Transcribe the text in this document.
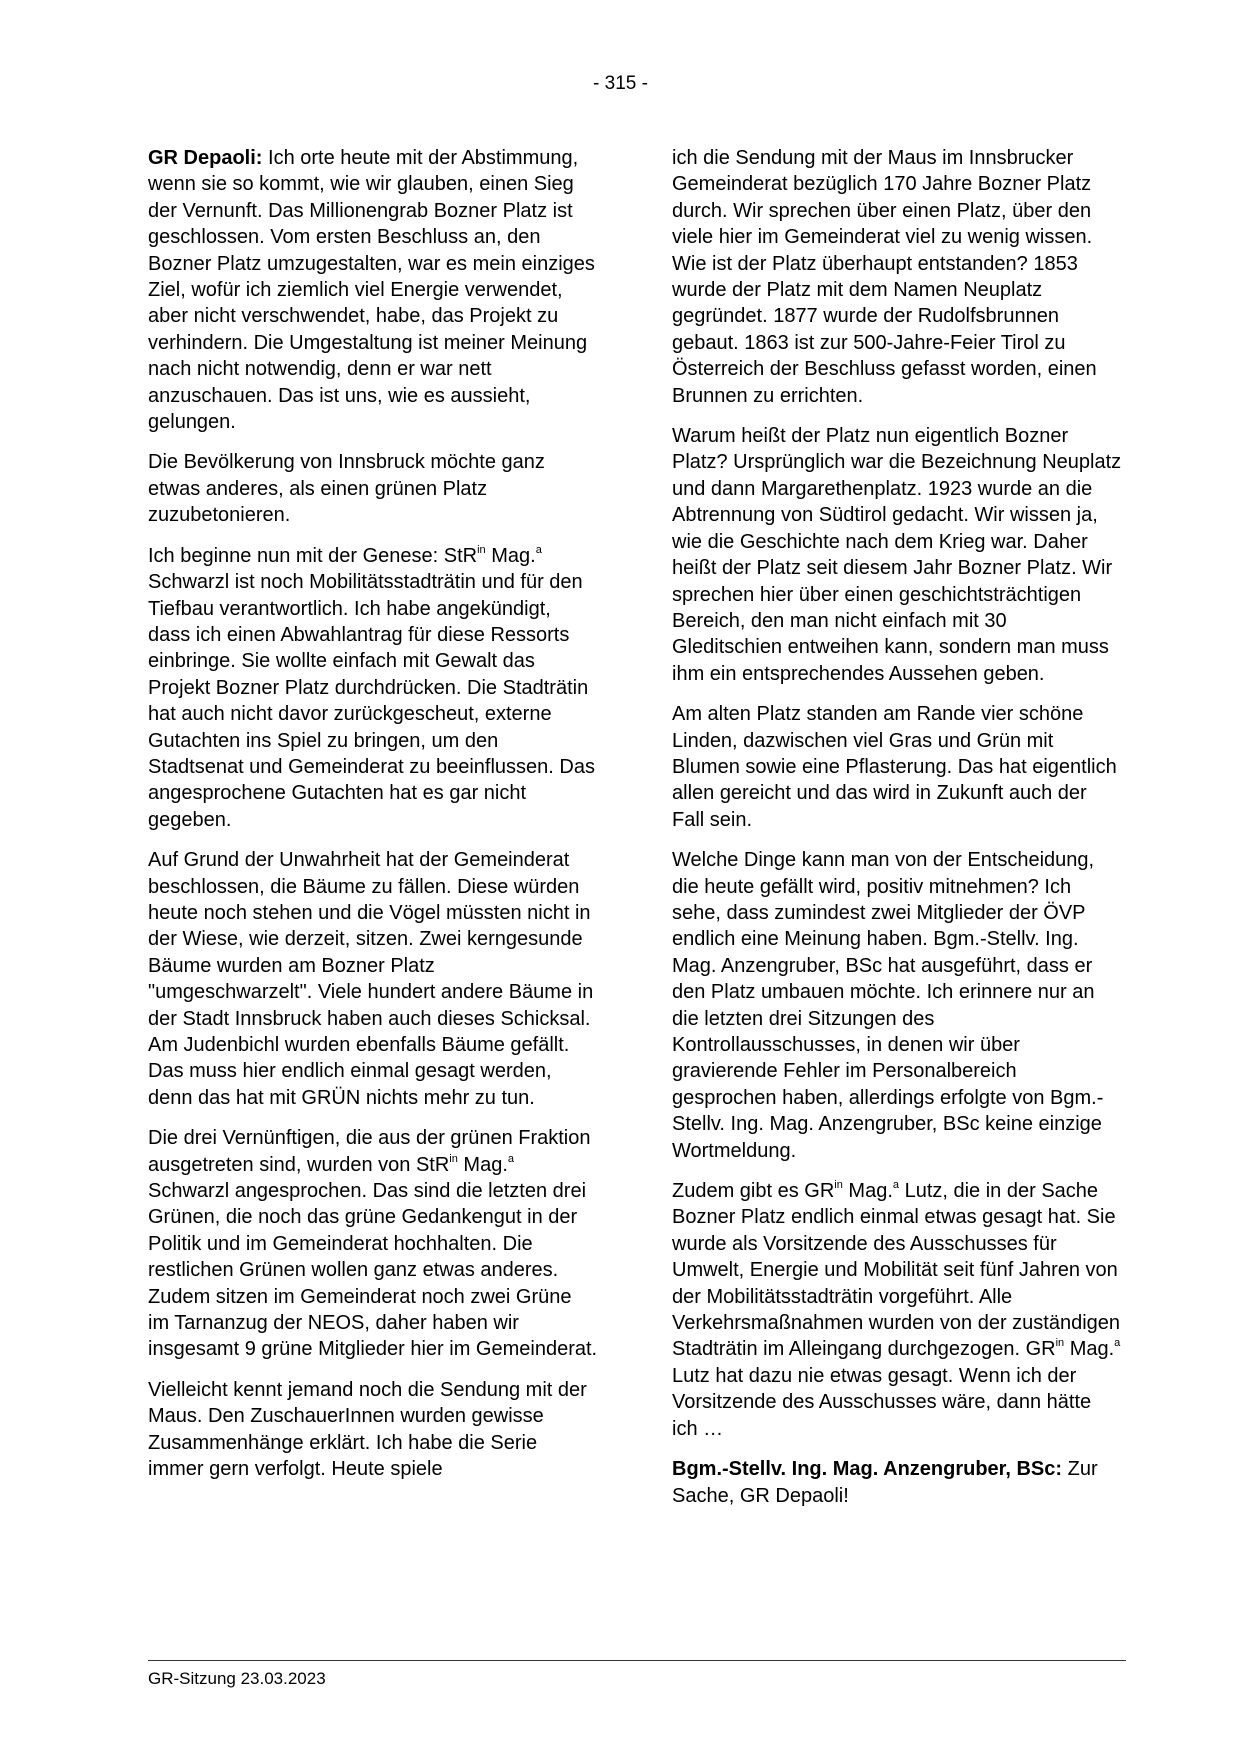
- 315 -

GR Depaoli: Ich orte heute mit der Abstimmung, wenn sie so kommt, wie wir glauben, einen Sieg der Vernunft. Das Millionengrab Bozner Platz ist geschlossen. Vom ersten Beschluss an, den Bozner Platz umzugestalten, war es mein einziges Ziel, wofür ich ziemlich viel Energie verwendet, aber nicht verschwendet, habe, das Projekt zu verhindern. Die Umgestaltung ist meiner Meinung nach nicht notwendig, denn er war nett anzuschauen. Das ist uns, wie es aussieht, gelungen.

Die Bevölkerung von Innsbruck möchte ganz etwas anderes, als einen grünen Platz zuzubetonieren.

Ich beginne nun mit der Genese: StR$^{in}$ Mag.$^a$ Schwarzl ist noch Mobilitätsstadträtin und für den Tiefbau verantwortlich. Ich habe angekündigt, dass ich einen Abwahlantrag für diese Ressorts einbringe. Sie wollte einfach mit Gewalt das Projekt Bozner Platz durchdrücken. Die Stadträtin hat auch nicht davor zurückgescheut, externe Gutachten ins Spiel zu bringen, um den Stadtsenat und Gemeinderat zu beeinflussen. Das angesprochene Gutachten hat es gar nicht gegeben.

Auf Grund der Unwahrheit hat der Gemeinderat beschlossen, die Bäume zu fällen. Diese würden heute noch stehen und die Vögel müssten nicht in der Wiese, wie derzeit, sitzen. Zwei kerngesunde Bäume wurden am Bozner Platz "umgeschwarzelt". Viele hundert andere Bäume in der Stadt Innsbruck haben auch dieses Schicksal. Am Judenbichl wurden ebenfalls Bäume gefällt. Das muss hier endlich einmal gesagt werden, denn das hat mit GRÜN nichts mehr zu tun.

Die drei Vernünftigen, die aus der grünen Fraktion ausgetreten sind, wurden von StR$^{in}$ Mag.$^a$ Schwarzl angesprochen. Das sind die letzten drei Grünen, die noch das grüne Gedankengut in der Politik und im Gemeinderat hochhalten. Die restlichen Grünen wollen ganz etwas anderes. Zudem sitzen im Gemeinderat noch zwei Grüne im Tarnanzug der NEOS, daher haben wir insgesamt 9 grüne Mitglieder hier im Gemeinderat.

Vielleicht kennt jemand noch die Sendung mit der Maus. Den ZuschauerInnen wurden gewisse Zusammenhänge erklärt. Ich habe die Serie immer gern verfolgt. Heute spiele

ich die Sendung mit der Maus im Innsbrucker Gemeinderat bezüglich 170 Jahre Bozner Platz durch. Wir sprechen über einen Platz, über den viele hier im Gemeinderat viel zu wenig wissen. Wie ist der Platz überhaupt entstanden? 1853 wurde der Platz mit dem Namen Neuplatz gegründet. 1877 wurde der Rudolfsbrunnen gebaut. 1863 ist zur 500-Jahre-Feier Tirol zu Österreich der Beschluss gefasst worden, einen Brunnen zu errichten.

Warum heißt der Platz nun eigentlich Bozner Platz? Ursprünglich war die Bezeichnung Neuplatz und dann Margarethenplatz. 1923 wurde an die Abtrennung von Südtirol gedacht. Wir wissen ja, wie die Geschichte nach dem Krieg war. Daher heißt der Platz seit diesem Jahr Bozner Platz. Wir sprechen hier über einen geschichtsträchtigen Bereich, den man nicht einfach mit 30 Gleditschien entweihen kann, sondern man muss ihm ein entsprechendes Aussehen geben.

Am alten Platz standen am Rande vier schöne Linden, dazwischen viel Gras und Grün mit Blumen sowie eine Pflasterung. Das hat eigentlich allen gereicht und das wird in Zukunft auch der Fall sein.

Welche Dinge kann man von der Entscheidung, die heute gefällt wird, positiv mitnehmen? Ich sehe, dass zumindest zwei Mitglieder der ÖVP endlich eine Meinung haben. Bgm.-Stellv. Ing. Mag. Anzengruber, BSc hat ausgeführt, dass er den Platz umbauen möchte. Ich erinnere nur an die letzten drei Sitzungen des Kontrollausschusses, in denen wir über gravierende Fehler im Personalbereich gesprochen haben, allerdings erfolgte von Bgm.-Stellv. Ing. Mag. Anzengruber, BSc keine einzige Wortmeldung.

Zudem gibt es $GR^{in}$ Mag.$^a$ Lutz, die in der Sache Bozner Platz endlich einmal etwas gesagt hat. Sie wurde als Vorsitzende des Ausschusses für Umwelt, Energie und Mobilität seit fünf Jahren von der Mobilitätsstadträtin vorgeführt. Alle Verkehrsmaßnahmen wurden von der zuständigen Stadträtin im Alleingang durchgezogen. $GR^{in}$ Mag.$^a$ Lutz hat dazu nie etwas gesagt. Wenn ich der Vorsitzende des Ausschusses wäre, dann hätte ich …

Bgm.-Stellv. Ing. Mag. Anzengruber, BSc: Zur Sache, GR Depaoli!

GR-Sitzung 23.03.2023
